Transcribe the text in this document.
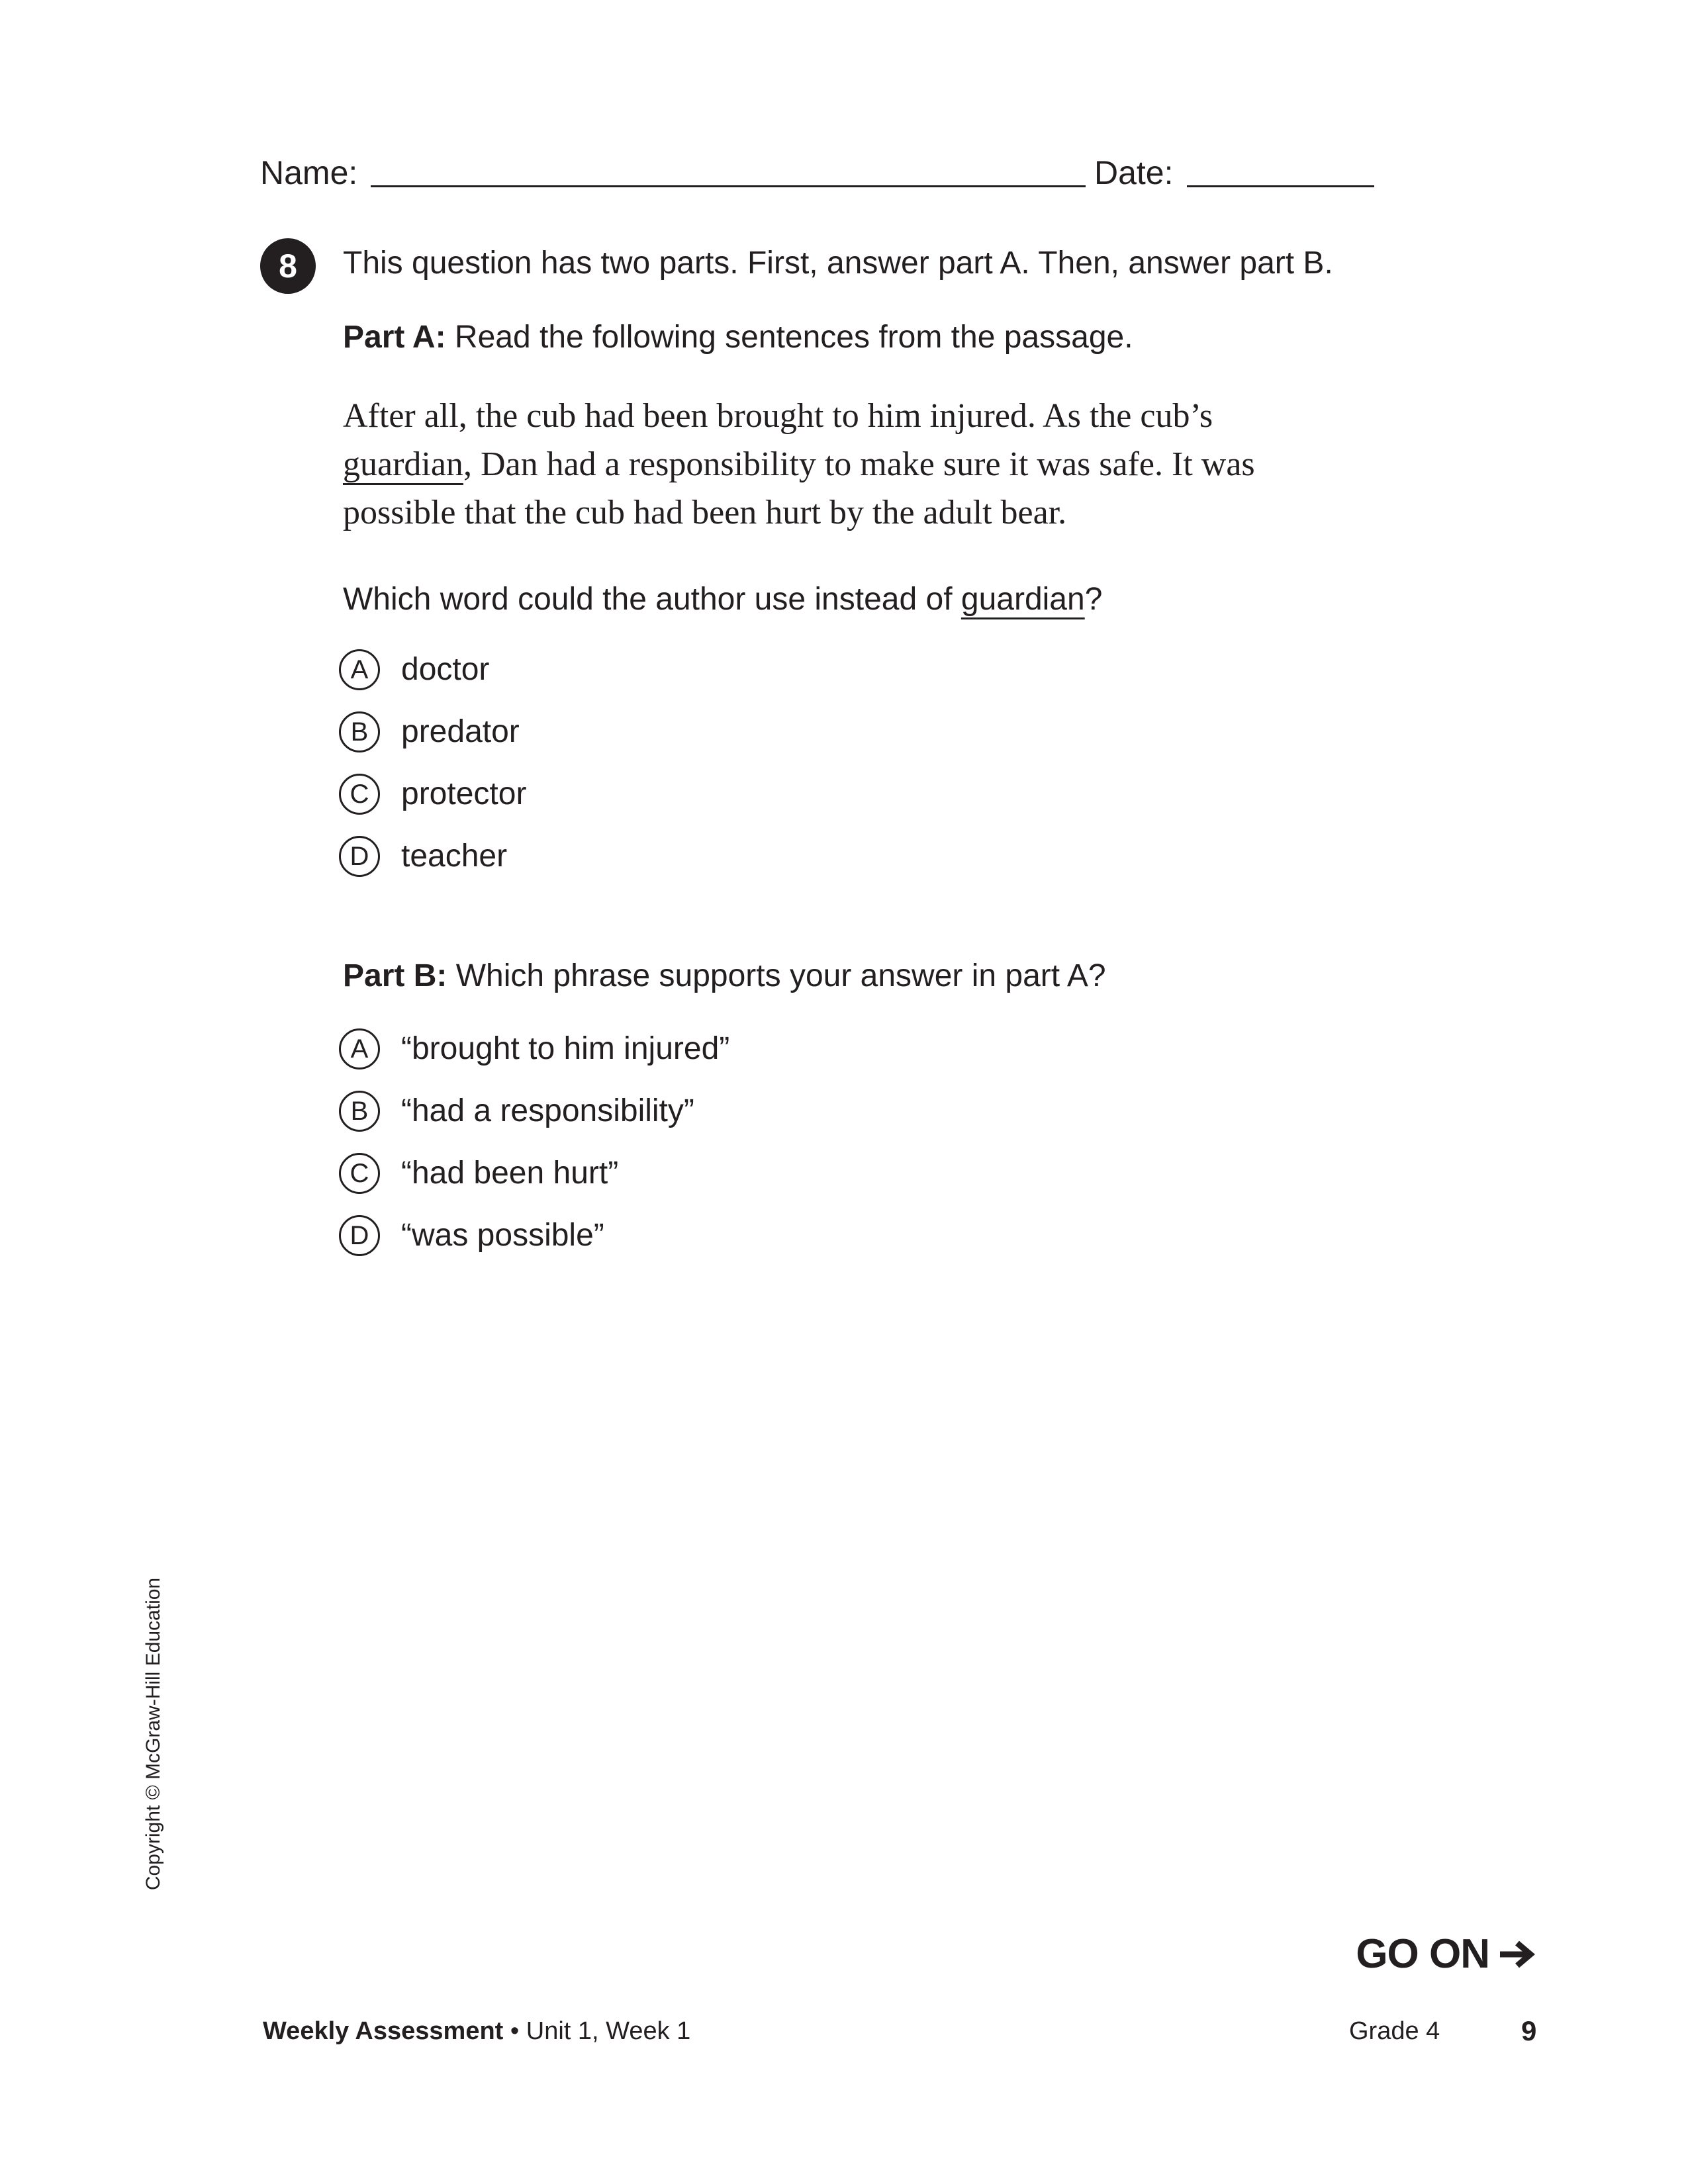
Name:	Date:
8	This question has two parts. First, answer part A. Then, answer part B.
Part A: Read the following sentences from the passage.
After all, the cub had been brought to him injured. As the cub’s
guardian, Dan had a responsibility to make sure it was safe. It was
possible that the cub had been hurt by the adult bear.
Which word could the author use instead of guardian?
A	doctor
B	predator
C	protector
D	teacher
Part B: Which phrase supports your answer in part A?
A	“brought to him injured”
B	“had a responsibility”
C	“had been hurt”
D	“was possible”
Copyright © McGraw-Hill Education
GO ON
Weekly Assessment • Unit 1, Week 1	Grade 4	9
